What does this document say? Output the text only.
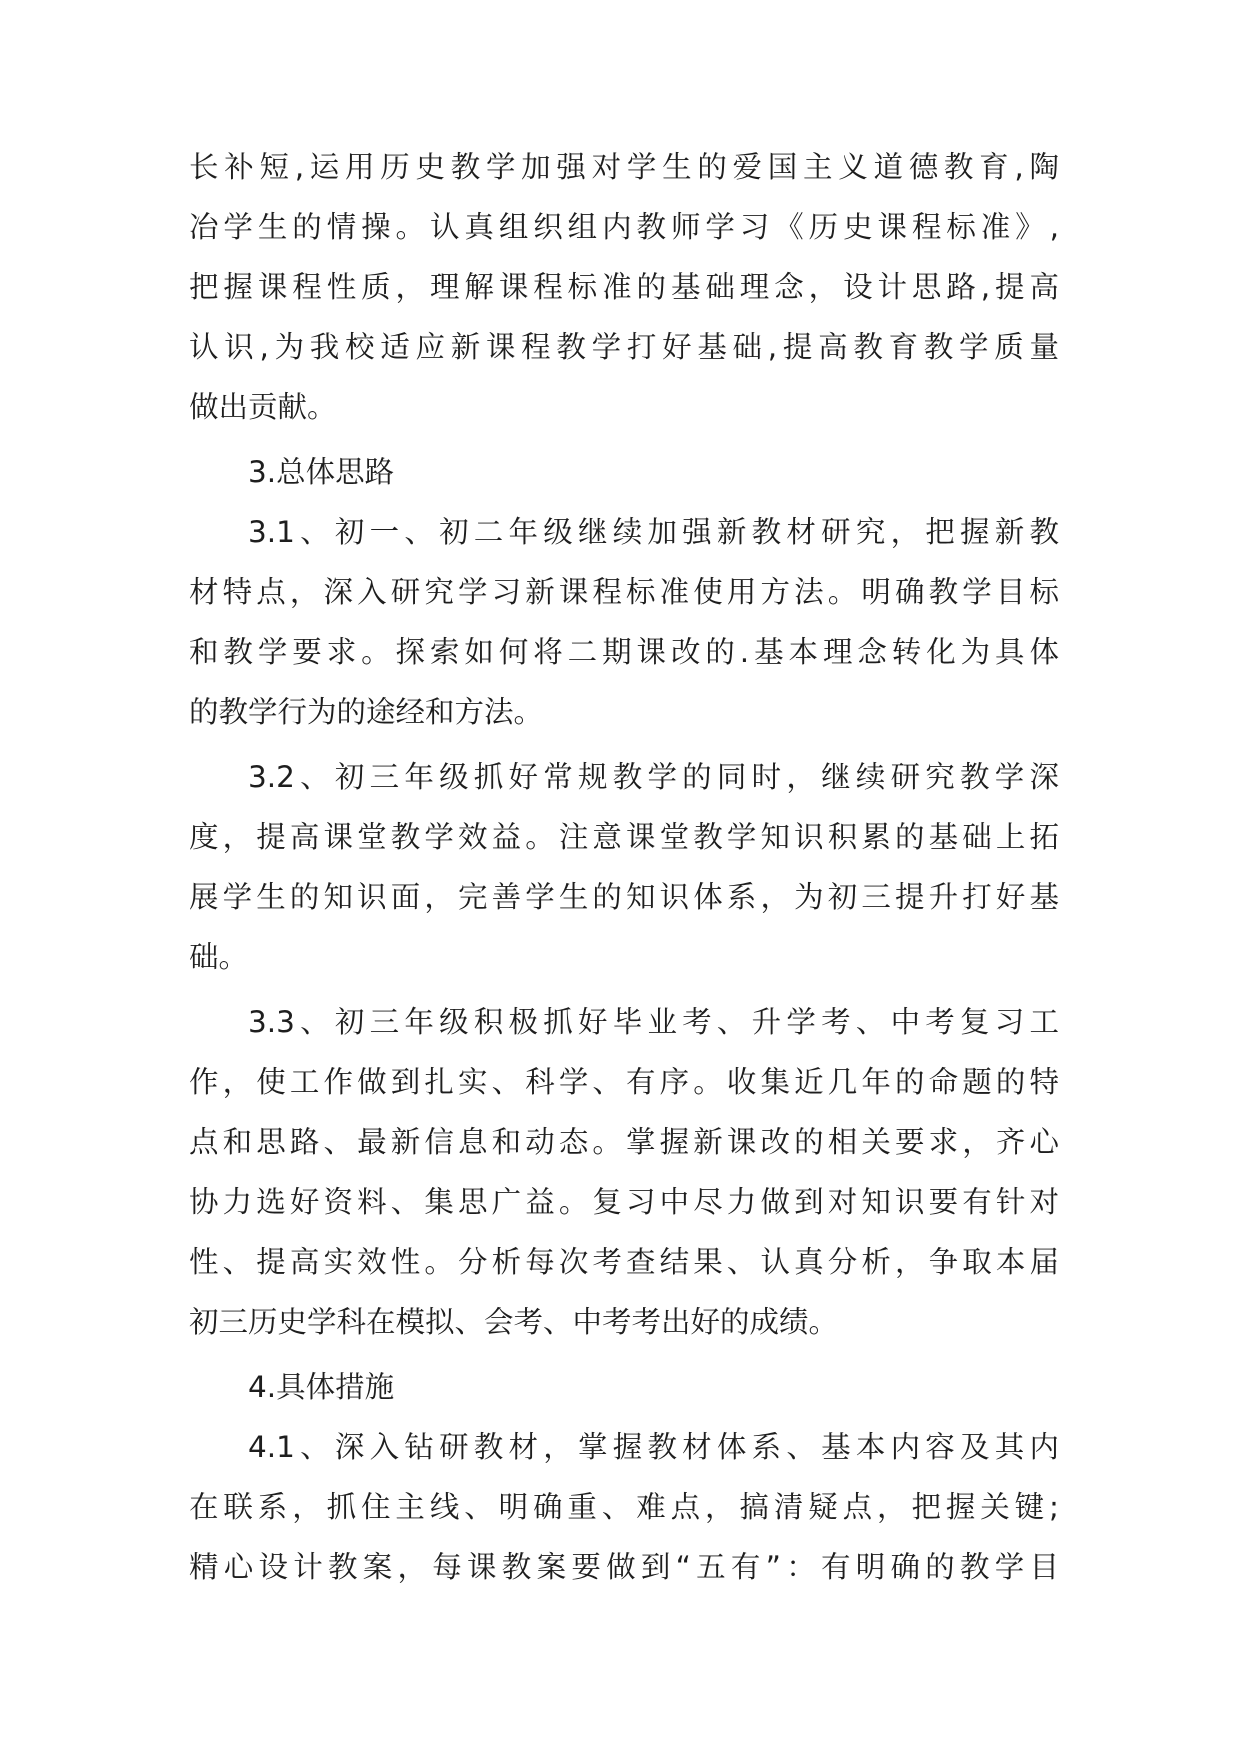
长补短,运用历史教学加强对学生的爱国主义道德教育,陶
冶学生的情操。认真组织组内教师学习《历史课程标准》,
把握课程性质，理解课程标准的基础理念，设计思路,提高
认识,为我校适应新课程教学打好基础,提高教育教学质量
做出贡献。
3.总体思路
3.1、初一、初二年级继续加强新教材研究，把握新教
材特点，深入研究学习新课程标准使用方法。明确教学目标
和教学要求。探索如何将二期课改的.基本理念转化为具体
的教学行为的途经和方法。
3.2、初三年级抓好常规教学的同时，继续研究教学深
度，提高课堂教学效益。注意课堂教学知识积累的基础上拓
展学生的知识面，完善学生的知识体系，为初三提升打好基
础。
3.3、初三年级积极抓好毕业考、升学考、中考复习工
作，使工作做到扎实、科学、有序。收集近几年的命题的特
点和思路、最新信息和动态。掌握新课改的相关要求，齐心
协力选好资料、集思广益。复习中尽力做到对知识要有针对
性、提高实效性。分析每次考查结果、认真分析，争取本届
初三历史学科在模拟、会考、中考考出好的成绩。
4.具体措施
4.1、深入钻研教材，掌握教材体系、基本内容及其内
在联系，抓住主线、明确重、难点，搞清疑点，把握关键;
精心设计教案，每课教案要做到“五有”：有明确的教学目
